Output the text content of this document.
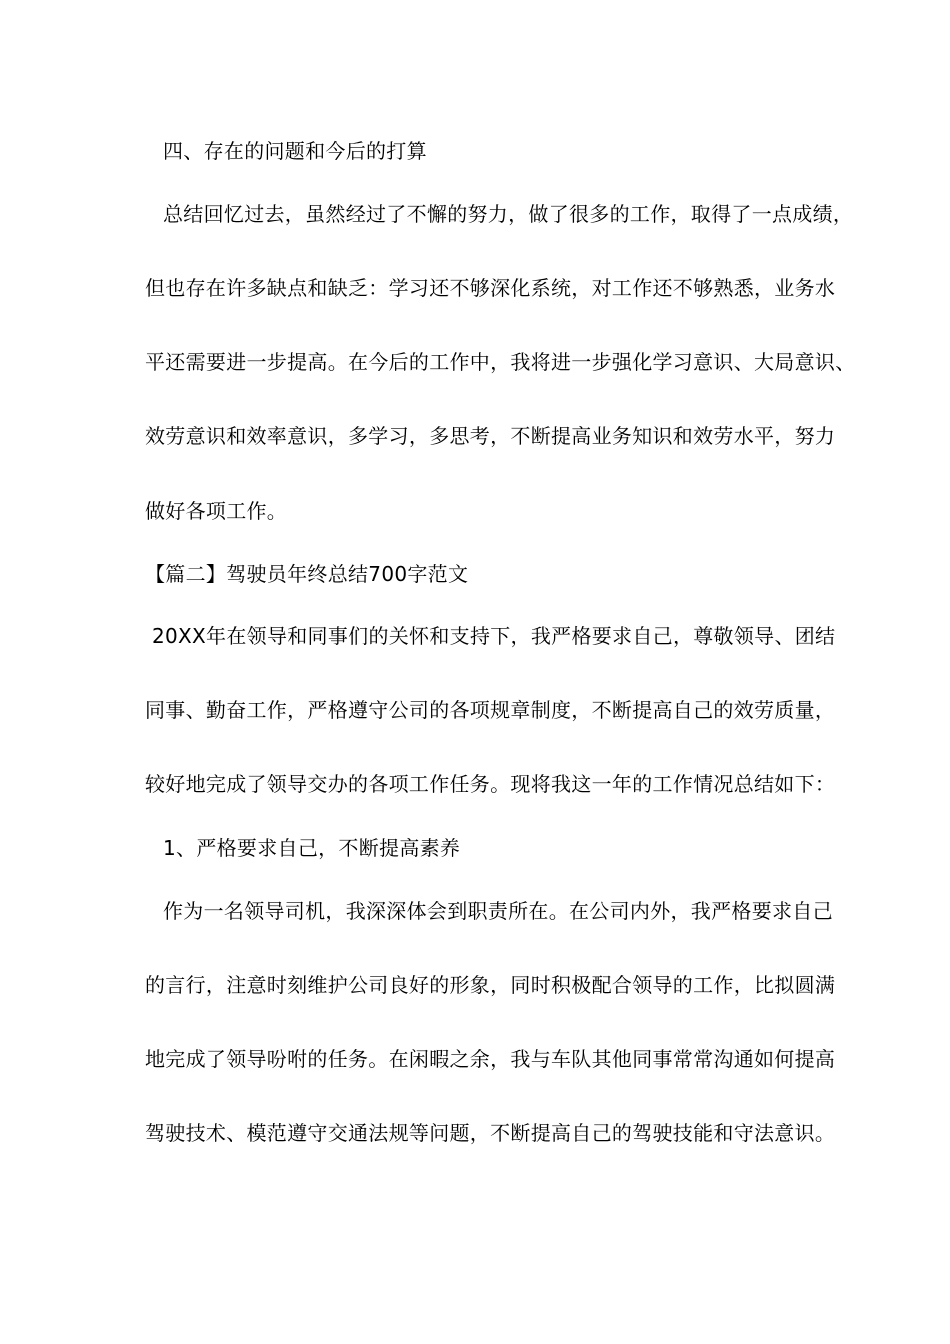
四、存在的问题和今后的打算
总结回忆过去，虽然经过了不懈的努力，做了很多的工作，取得了一点成绩，
但也存在许多缺点和缺乏：学习还不够深化系统，对工作还不够熟悉，业务水
平还需要进一步提高。在今后的工作中，我将进一步强化学习意识、大局意识、
效劳意识和效率意识，多学习，多思考，不断提高业务知识和效劳水平，努力
做好各项工作。
【篇二】驾驶员年终总结700字范文
20XX年在领导和同事们的关怀和支持下，我严格要求自己，尊敬领导、团结
同事、勤奋工作，严格遵守公司的各项规章制度，不断提高自己的效劳质量，
较好地完成了领导交办的各项工作任务。现将我这一年的工作情况总结如下：
1、严格要求自己，不断提高素养
作为一名领导司机，我深深体会到职责所在。在公司内外，我严格要求自己
的言行，注意时刻维护公司良好的形象，同时积极配合领导的工作，比拟圆满
地完成了领导吩咐的任务。在闲暇之余，我与车队其他同事常常沟通如何提高
驾驶技术、模范遵守交通法规等问题，不断提高自己的驾驶技能和守法意识。
